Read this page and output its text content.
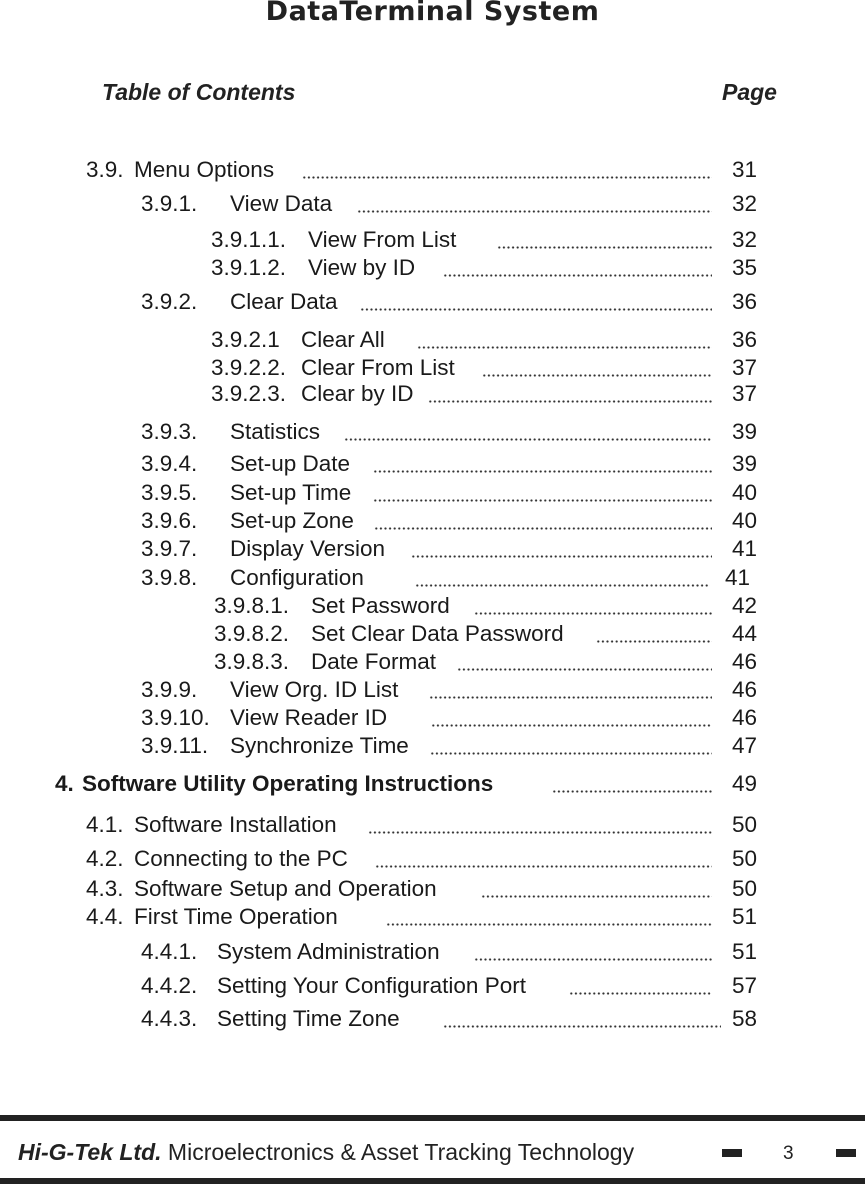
DataTerminal System
Table of Contents	Page
3.9. Menu Options	31
3.9.1. View Data	32
3.9.1.1. View From List	32
3.9.1.2. View by ID	35
3.9.2. Clear Data	36
3.9.2.1 Clear All	36
3.9.2.2. Clear From List	37
3.9.2.3. Clear by ID	37
3.9.3. Statistics	39
3.9.4. Set-up Date	39
3.9.5. Set-up Time	40
3.9.6. Set-up Zone	40
3.9.7. Display Version	41
3.9.8. Configuration	41
3.9.8.1. Set Password	42
3.9.8.2. Set Clear Data Password	44
3.9.8.3. Date Format	46
3.9.9. View Org. ID List	46
3.9.10. View Reader ID	46
3.9.11. Synchronize Time	47
4. Software Utility Operating Instructions	49
4.1. Software Installation	50
4.2. Connecting to the PC	50
4.3. Software Setup and Operation	50
4.4. First Time Operation	51
4.4.1. System Administration	51
4.4.2. Setting Your Configuration Port	57
4.4.3. Setting Time Zone	58
Hi-G-Tek Ltd. Microelectronics & Asset Tracking Technology	3
